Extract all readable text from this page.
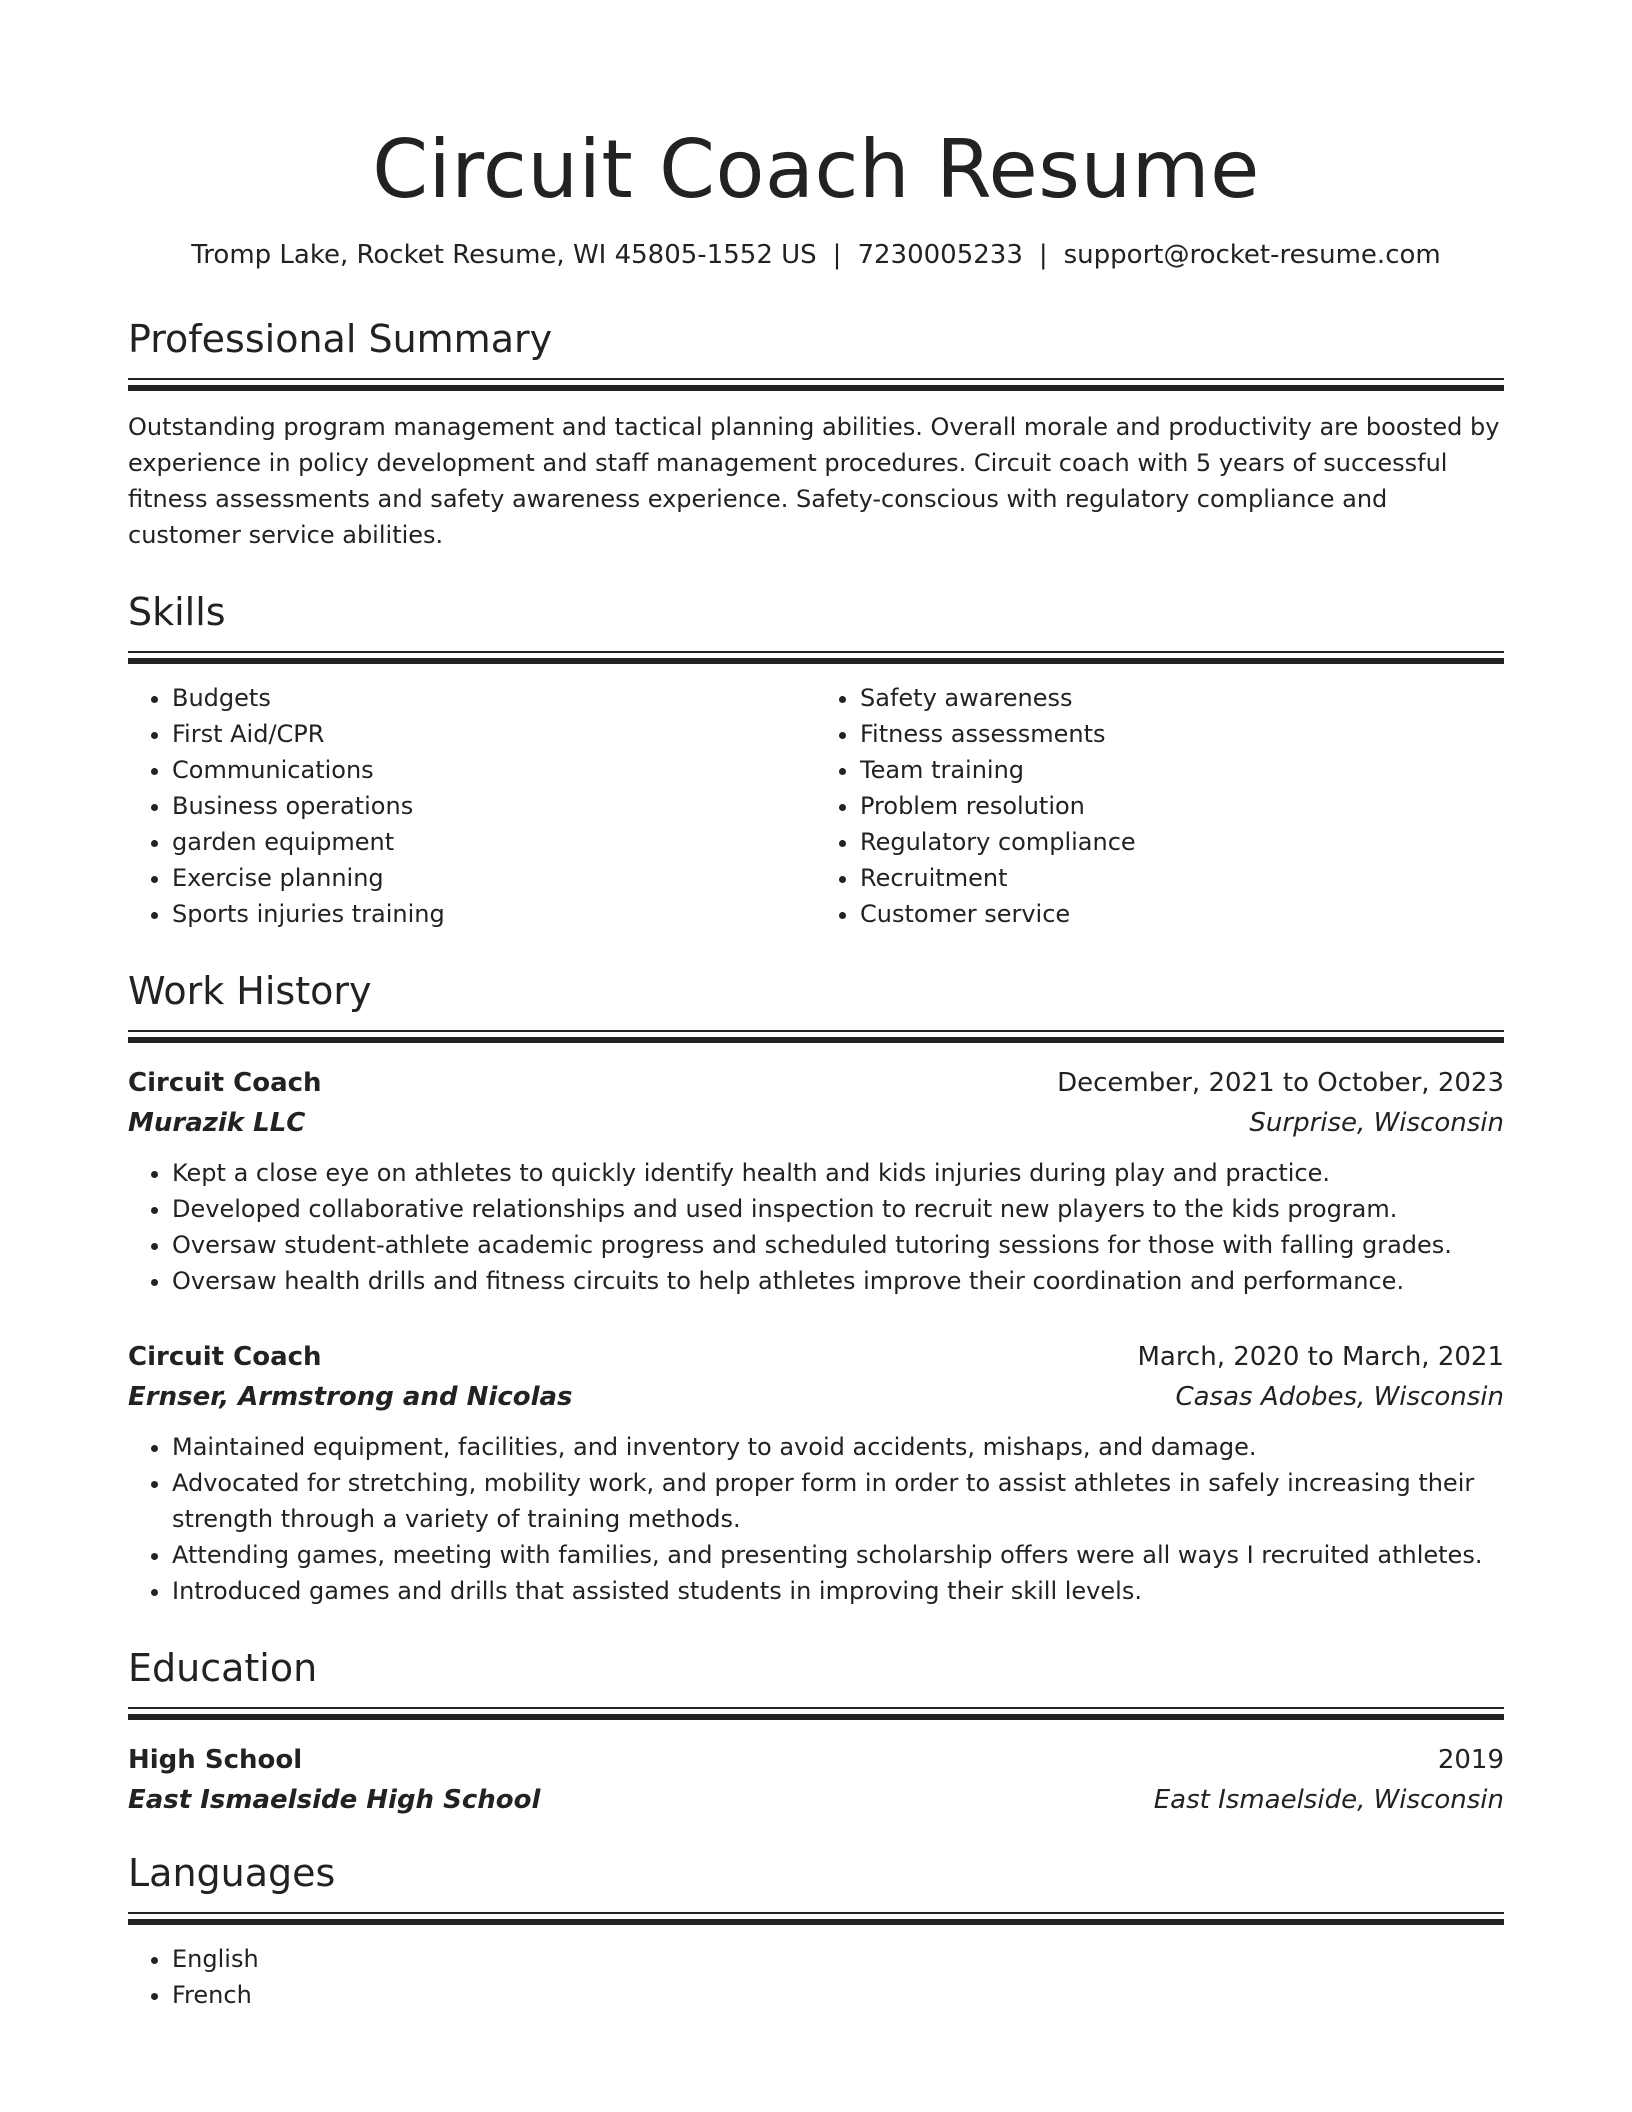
Circuit Coach Resume
Tromp Lake, Rocket Resume, WI 45805-1552 US | 7230005233 | support@rocket-resume.com
Professional Summary
Outstanding program management and tactical planning abilities. Overall morale and productivity are boosted by experience in policy development and staff management procedures. Circuit coach with 5 years of successful fitness assessments and safety awareness experience. Safety-conscious with regulatory compliance and customer service abilities.
Skills
• Budgets
• First Aid/CPR
• Communications
• Business operations
• garden equipment
• Exercise planning
• Sports injuries training
• Safety awareness
• Fitness assessments
• Team training
• Problem resolution
• Regulatory compliance
• Recruitment
• Customer service
Work History
Circuit Coach	December, 2021 to October, 2023
Murazik LLC	Surprise, Wisconsin
• Kept a close eye on athletes to quickly identify health and kids injuries during play and practice.
• Developed collaborative relationships and used inspection to recruit new players to the kids program.
• Oversaw student-athlete academic progress and scheduled tutoring sessions for those with falling grades.
• Oversaw health drills and fitness circuits to help athletes improve their coordination and performance.
Circuit Coach	March, 2020 to March, 2021
Ernser, Armstrong and Nicolas	Casas Adobes, Wisconsin
• Maintained equipment, facilities, and inventory to avoid accidents, mishaps, and damage.
• Advocated for stretching, mobility work, and proper form in order to assist athletes in safely increasing their strength through a variety of training methods.
• Attending games, meeting with families, and presenting scholarship offers were all ways I recruited athletes.
• Introduced games and drills that assisted students in improving their skill levels.
Education
High School	2019
East Ismaelside High School	East Ismaelside, Wisconsin
Languages
• English
• French
